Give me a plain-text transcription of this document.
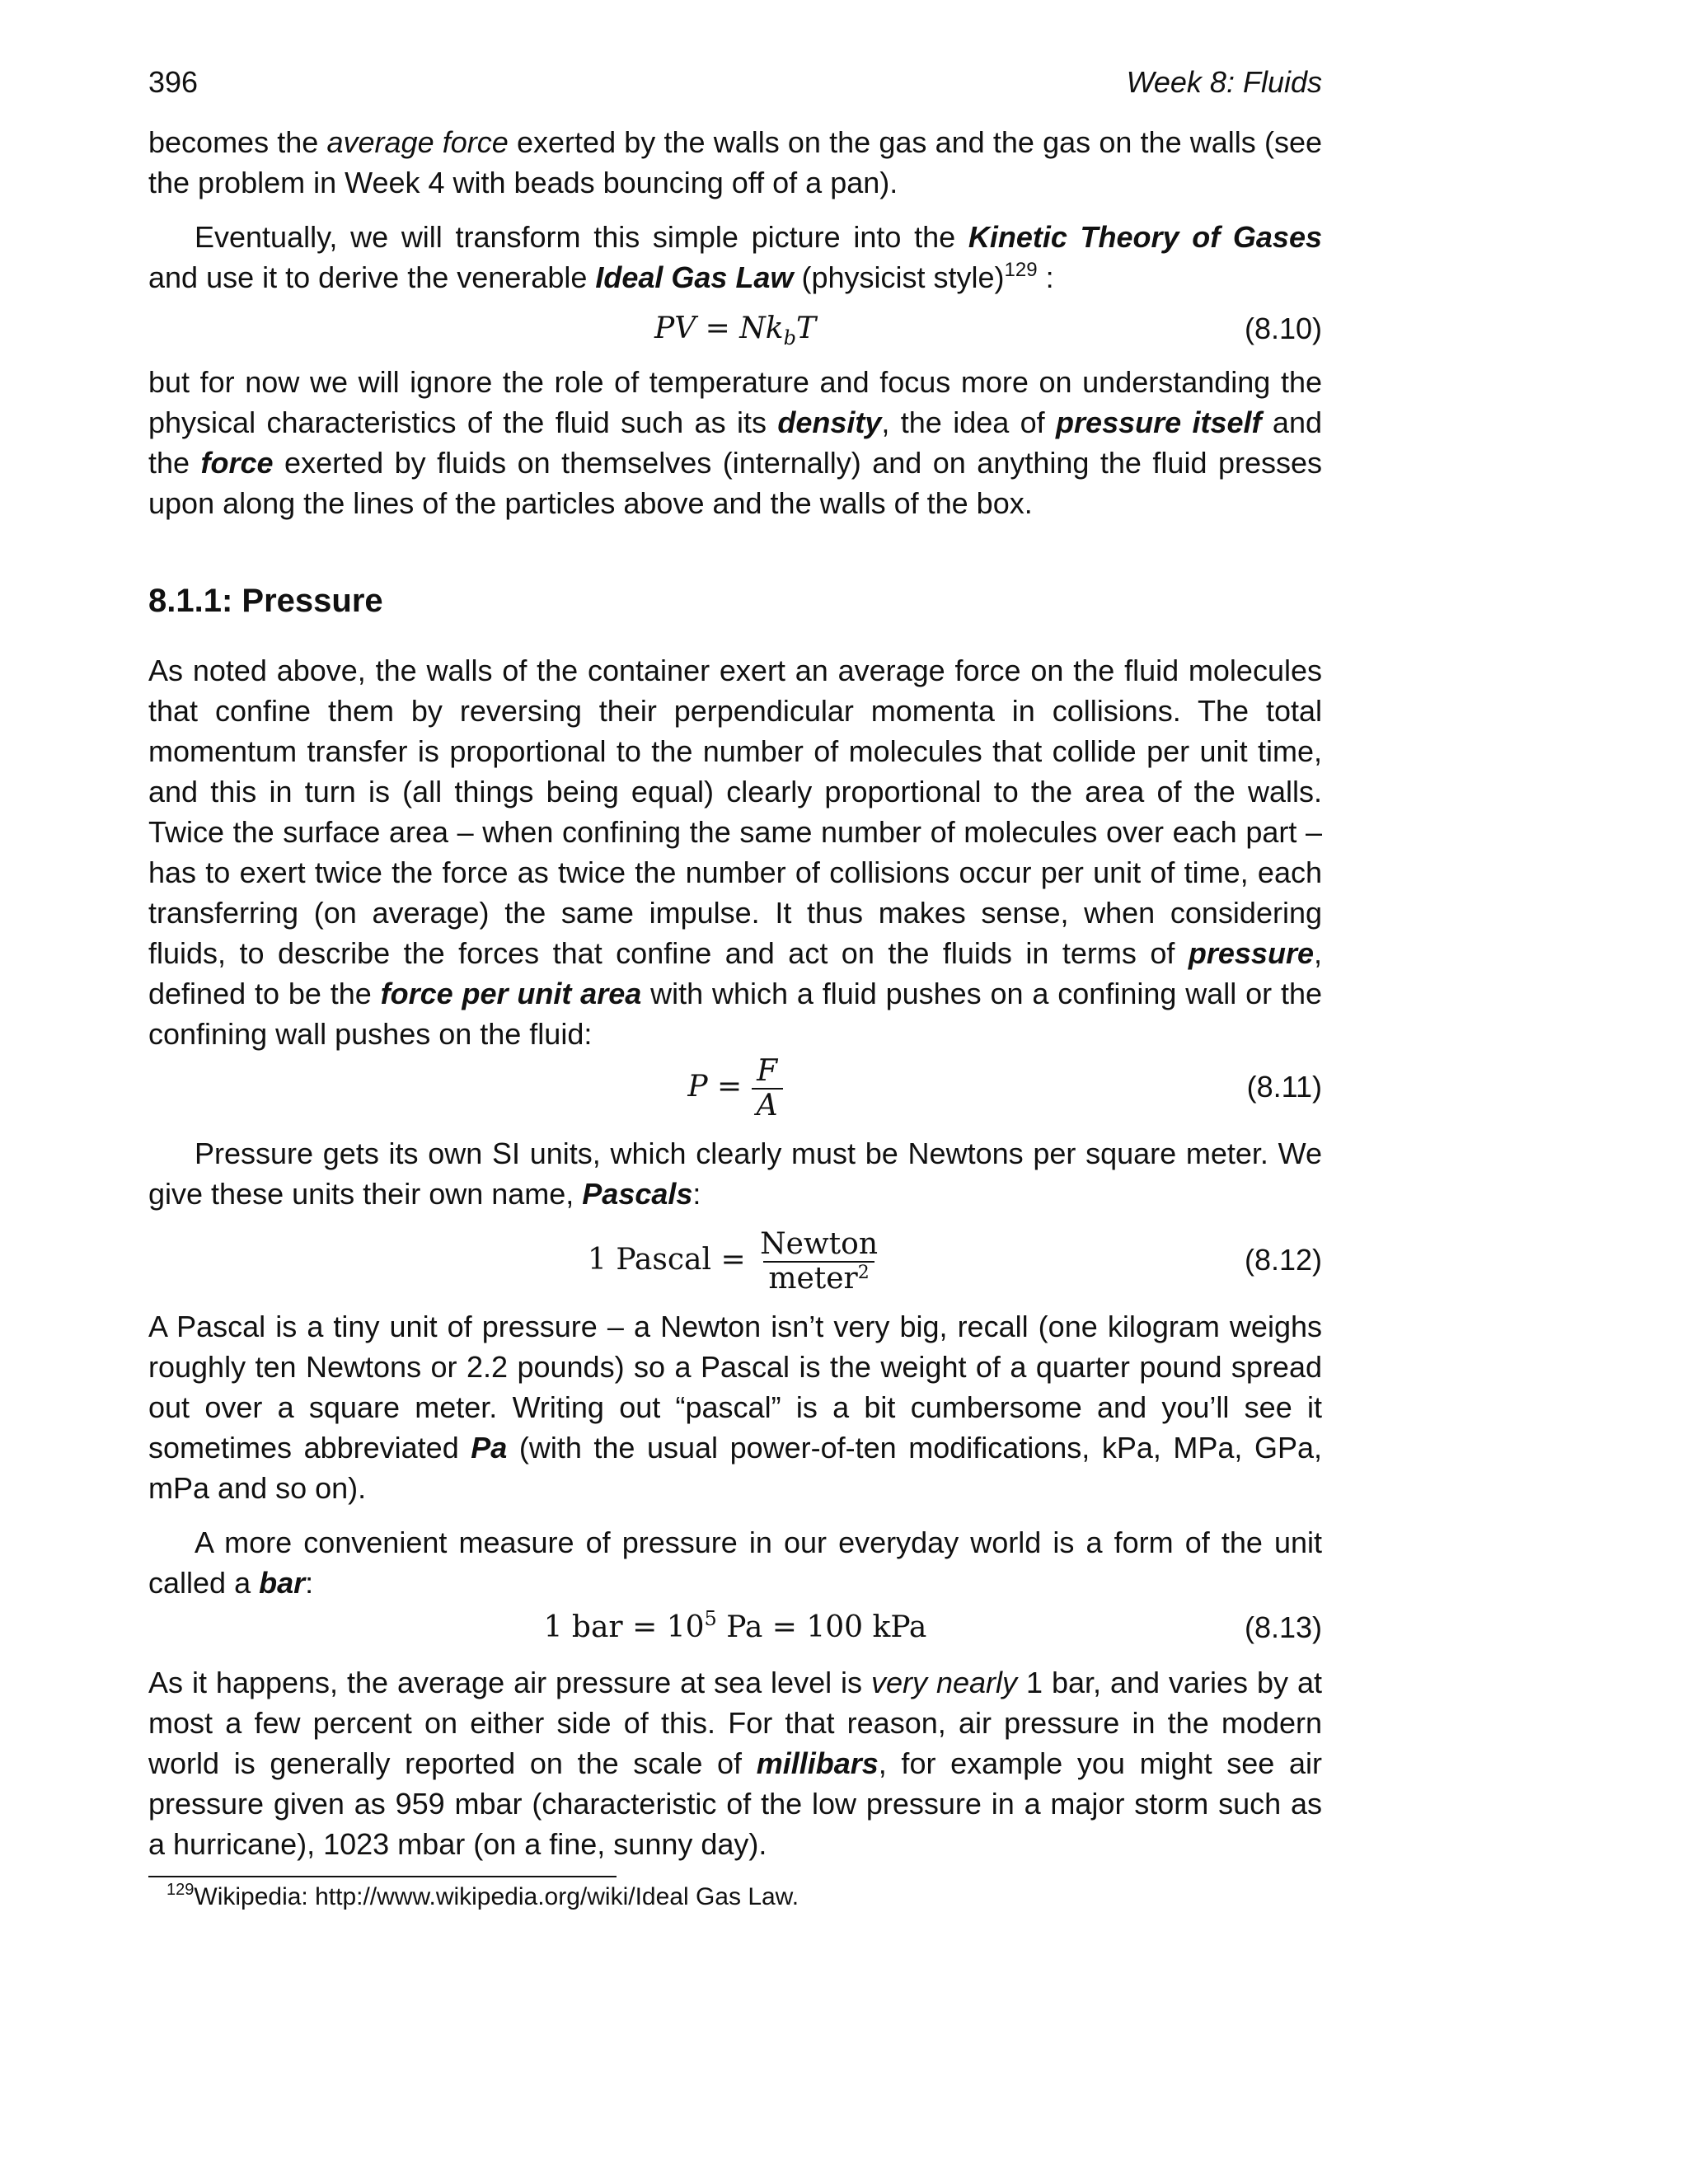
396	Week 8: Fluids

becomes the average force exerted by the walls on the gas and the gas on the walls (see the problem in Week 4 with beads bouncing off of a pan).

Eventually, we will transform this simple picture into the Kinetic Theory of Gases and use it to derive the venerable Ideal Gas Law (physicist style)$^{129}$ :

PV = $Nk_bT$	(8.10)

but for now we will ignore the role of temperature and focus more on understanding the physical characteristics of the fluid such as its density, the idea of pressure itself and the force exerted by fluids on themselves (internally) and on anything the fluid presses upon along the lines of the particles above and the walls of the box.

8.1.1: Pressure

As noted above, the walls of the container exert an average force on the fluid molecules that confine them by reversing their perpendicular momenta in collisions. The total momentum transfer is proportional to the number of molecules that collide per unit time, and this in turn is (all things being equal) clearly proportional to the area of the walls. Twice the surface area – when confining the same number of molecules over each part – has to exert twice the force as twice the number of collisions occur per unit of time, each transferring (on average) the same impulse. It thus makes sense, when considering fluids, to describe the forces that confine and act on the fluids in terms of pressure, defined to be the force per unit area with which a fluid pushes on a confining wall or the confining wall pushes on the fluid:

$P = \frac{F}{A}$	(8.11)

Pressure gets its own SI units, which clearly must be Newtons per square meter. We give these units their own name, Pascals:

1 Pascal = $\frac{\text{Newton}}{meter^2}$	(8.12)

A Pascal is a tiny unit of pressure – a Newton isn’t very big, recall (one kilogram weighs roughly ten Newtons or 2.2 pounds) so a Pascal is the weight of a quarter pound spread out over a square meter. Writing out “pascal” is a bit cumbersome and you’ll see it sometimes abbreviated Pa (with the usual power-of-ten modifications, kPa, MPa, GPa, mPa and so on).

A more convenient measure of pressure in our everyday world is a form of the unit called a bar:

1 bar = $10^5$ Pa = 100 kPa	(8.13)

As it happens, the average air pressure at sea level is very nearly 1 bar, and varies by at most a few percent on either side of this. For that reason, air pressure in the modern world is generally reported on the scale of millibars, for example you might see air pressure given as 959 mbar (characteristic of the low pressure in a major storm such as a hurricane), 1023 mbar (on a fine, sunny day).

$^{129}$Wikipedia: http://www.wikipedia.org/wiki/Ideal Gas Law.
